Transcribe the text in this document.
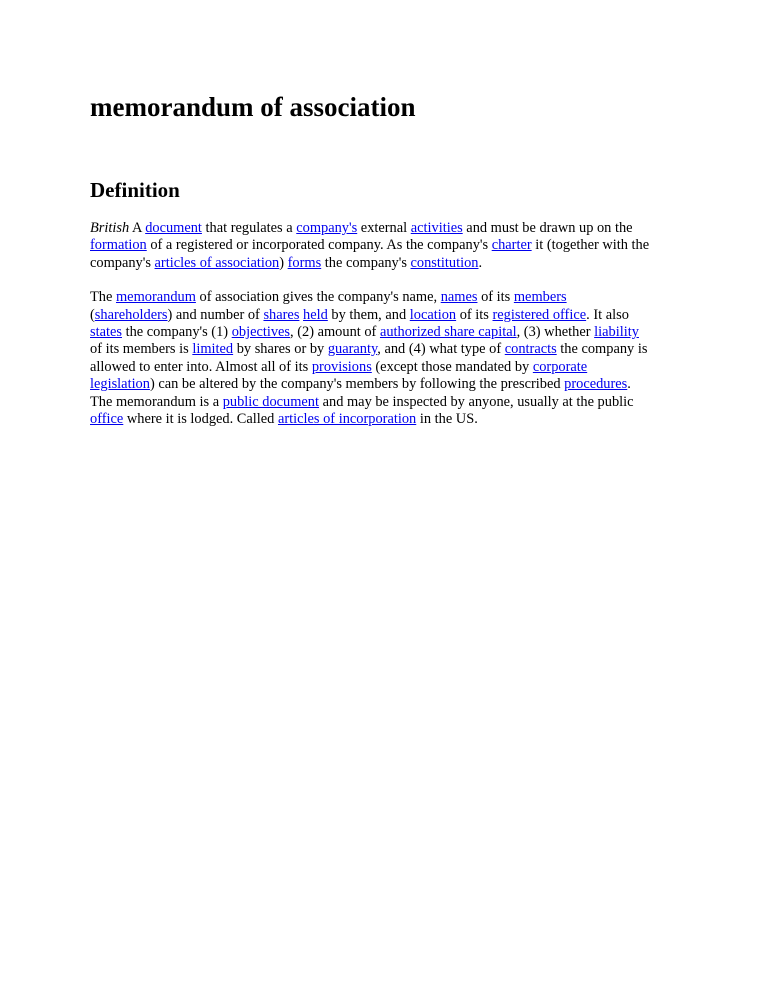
memorandum of association
Definition
British A document that regulates a company's external activities and must be drawn up on the
formation of a registered or incorporated company. As the company's charter it (together with the
company's articles of association) forms the company's constitution.
The memorandum of association gives the company's name, names of its members
(shareholders) and number of shares held by them, and location of its registered office. It also
states the company's (1) objectives, (2) amount of authorized share capital, (3) whether liability
of its members is limited by shares or by guaranty, and (4) what type of contracts the company is
allowed to enter into. Almost all of its provisions (except those mandated by corporate
legislation) can be altered by the company's members by following the prescribed procedures.
The memorandum is a public document and may be inspected by anyone, usually at the public
office where it is lodged. Called articles of incorporation in the US.
